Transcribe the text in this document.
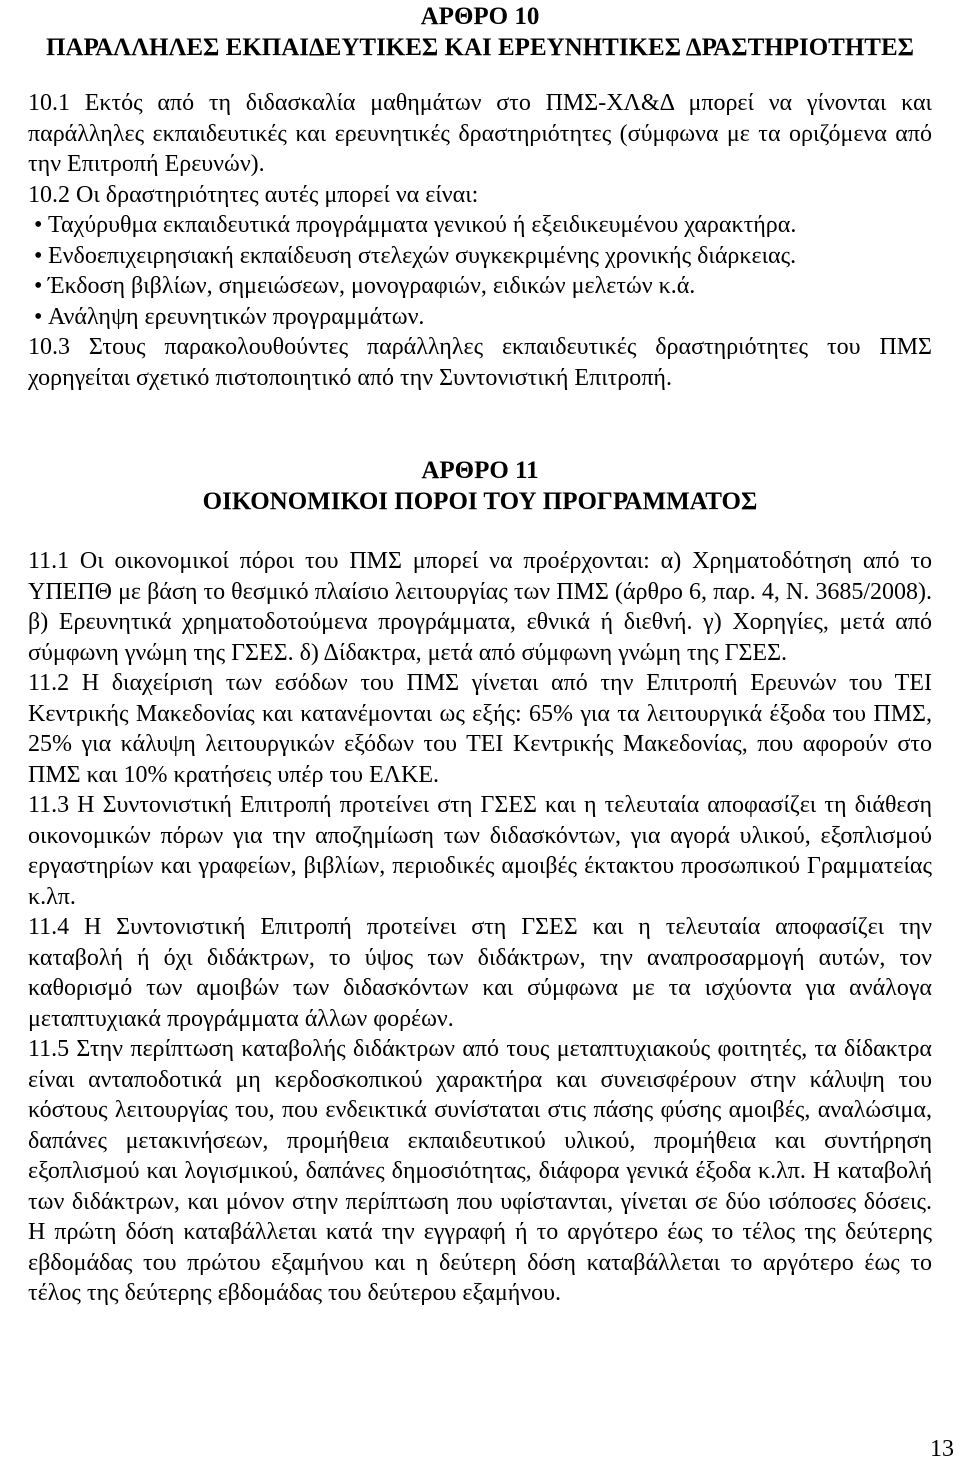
ΑΡΘΡΟ 10
ΠΑΡΑΛΛΗΛΕΣ ΕΚΠΑΙΔΕΥΤΙΚΕΣ ΚΑΙ ΕΡΕΥΝΗΤΙΚΕΣ ΔΡΑΣΤΗΡΙΟΤΗΤΕΣ

10.1 Εκτός από τη διδασκαλία μαθημάτων στο ΠΜΣ-ΧΛ&Δ μπορεί να γίνονται και παράλληλες εκπαιδευτικές και ερευνητικές δραστηριότητες (σύμφωνα με τα οριζόμενα από την Επιτροπή Ερευνών).

10.2 Οι δραστηριότητες αυτές μπορεί να είναι:

• Ταχύρυθμα εκπαιδευτικά προγράμματα γενικού ή εξειδικευμένου χαρακτήρα.
• Ενδοεπιχειρησιακή εκπαίδευση στελεχών συγκεκριμένης χρονικής διάρκειας.
• Έκδοση βιβλίων, σημειώσεων, μονογραφιών, ειδικών μελετών κ.ά.
• Ανάληψη ερευνητικών προγραμμάτων.

10.3 Στους παρακολουθούντες παράλληλες εκπαιδευτικές δραστηριότητες του ΠΜΣ χορηγείται σχετικό πιστοποιητικό από την Συντονιστική Επιτροπή.

ΑΡΘΡΟ 11
ΟΙΚΟΝΟΜΙΚΟΙ ΠΟΡΟΙ ΤΟΥ ΠΡΟΓΡΑΜΜΑΤΟΣ

11.1 Οι οικονομικοί πόροι του ΠΜΣ μπορεί να προέρχονται: α) Χρηματοδότηση από το ΥΠΕΠΘ με βάση το θεσμικό πλαίσιο λειτουργίας των ΠΜΣ (άρθρο 6, παρ. 4, Ν. 3685/2008). β) Ερευνητικά χρηματοδοτούμενα προγράμματα, εθνικά ή διεθνή. γ) Χορηγίες, μετά από σύμφωνη γνώμη της ΓΣΕΣ. δ) Δίδακτρα, μετά από σύμφωνη γνώμη της ΓΣΕΣ.

11.2 Η διαχείριση των εσόδων του ΠΜΣ γίνεται από την Επιτροπή Ερευνών του ΤΕΙ Κεντρικής Μακεδονίας και κατανέμονται ως εξής: 65% για τα λειτουργικά έξοδα του ΠΜΣ, 25% για κάλυψη λειτουργικών εξόδων του ΤΕΙ Κεντρικής Μακεδονίας, που αφορούν στο ΠΜΣ και 10% κρατήσεις υπέρ του ΕΛΚΕ.

11.3 Η Συντονιστική Επιτροπή προτείνει στη ΓΣΕΣ και η τελευταία αποφασίζει τη διάθεση οικονομικών πόρων για την αποζημίωση των διδασκόντων, για αγορά υλικού, εξοπλισμού εργαστηρίων και γραφείων, βιβλίων, περιοδικές αμοιβές έκτακτου προσωπικού Γραμματείας κ.λπ.

11.4 Η Συντονιστική Επιτροπή προτείνει στη ΓΣΕΣ και η τελευταία αποφασίζει την καταβολή ή όχι διδάκτρων, το ύψος των διδάκτρων, την αναπροσαρμογή αυτών, τον καθορισμό των αμοιβών των διδασκόντων και σύμφωνα με τα ισχύοντα για ανάλογα μεταπτυχιακά προγράμματα άλλων φορέων.

11.5 Στην περίπτωση καταβολής διδάκτρων από τους μεταπτυχιακούς φοιτητές, τα δίδακτρα είναι ανταποδοτικά μη κερδοσκοπικού χαρακτήρα και συνεισφέρουν στην κάλυψη του κόστους λειτουργίας του, που ενδεικτικά συνίσταται στις πάσης φύσης αμοιβές, αναλώσιμα, δαπάνες μετακινήσεων, προμήθεια εκπαιδευτικού υλικού, προμήθεια και συντήρηση εξοπλισμού και λογισμικού, δαπάνες δημοσιότητας, διάφορα γενικά έξοδα κ.λπ. Η καταβολή των διδάκτρων, και μόνον στην περίπτωση που υφίστανται, γίνεται σε δύο ισόποσες δόσεις. Η πρώτη δόση καταβάλλεται κατά την εγγραφή ή το αργότερο έως το τέλος της δεύτερης εβδομάδας του πρώτου εξαμήνου και η δεύτερη δόση καταβάλλεται το αργότερο έως το τέλος της δεύτερης εβδομάδας του δεύτερου εξαμήνου.

13
